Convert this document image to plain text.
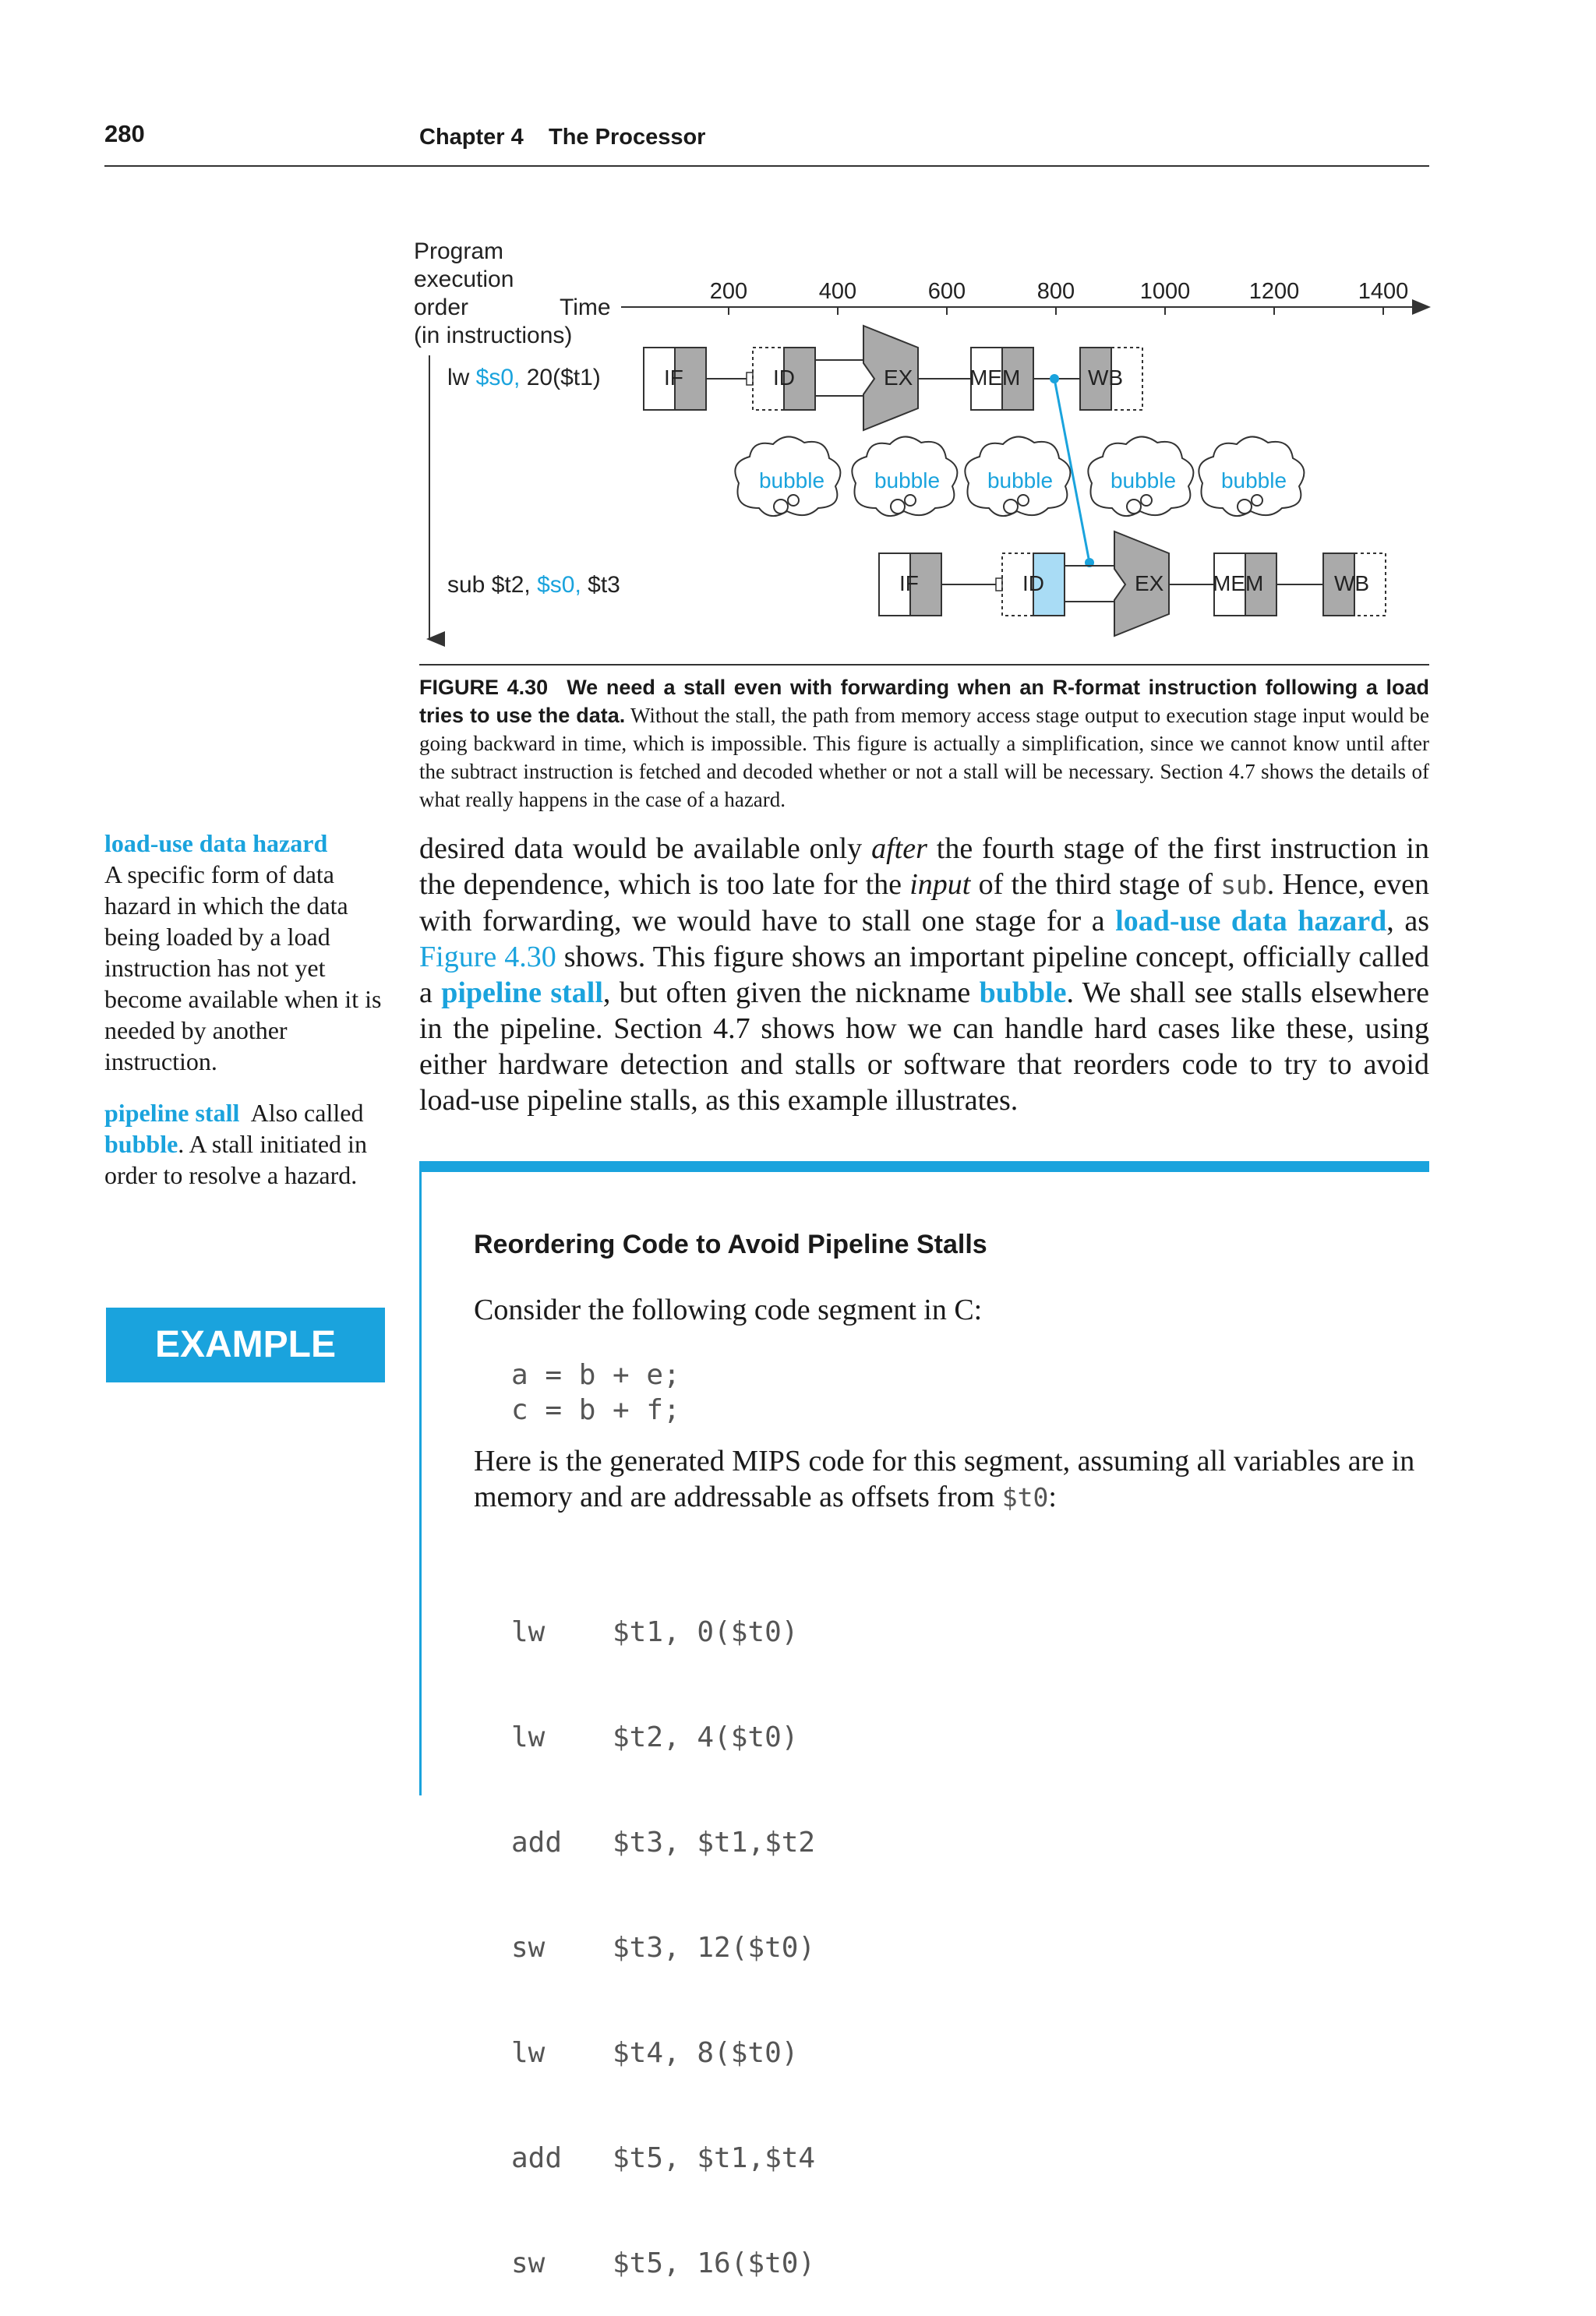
280	Chapter 4    The Processor
Program
execution
order
(in instructions)
Time
200	400	600	800	1000	1200	1400
lw $s0, 20($t1)	IF	ID	EX	MEM	WB
bubble bubble bubble	bubble bubble
sub $t2, $s0, $t3	IF	ID	EX MEM	WB
FIGURE 4.30 We need a stall even with forwarding when an R-format instruction following a load tries to use the data. Without the stall, the path from memory access stage output to execution stage input would be going backward in time, which is impossible. This figure is actually a simplification, since we cannot know until after the subtract instruction is fetched and decoded whether or not a stall will be necessary. Section 4.7 shows the details of what really happens in the case of a hazard.
load-use data hazard
A specific form of data hazard in which the data being loaded by a load instruction has not yet become available when it is needed by another instruction.
pipeline stall  Also called bubble. A stall initiated in order to resolve a hazard.
desired data would be available only after the fourth stage of the first instruction in the dependence, which is too late for the input of the third stage of sub. Hence, even with forwarding, we would have to stall one stage for a load-use data hazard, as Figure 4.30 shows. This figure shows an important pipeline concept, officially called a pipeline stall, but often given the nickname bubble. We shall see stalls elsewhere in the pipeline. Section 4.7 shows how we can handle hard cases like these, using either hardware detection and stalls or software that reorders code to try to avoid load-use pipeline stalls, as this example illustrates.
EXAMPLE
Reordering Code to Avoid Pipeline Stalls
Consider the following code segment in C:
a = b + e;
c = b + f;
Here is the generated MIPS code for this segment, assuming all variables are in memory and are addressable as offsets from $t0:

lw $t1, 0($t0)

lw $t2, 4($t0)

add $t3, $t1,$t2

sw $t3, 12($t0)

lw $t4, 8($t0)

add $t5, $t1,$t4

sw $t5, 16($t0)
